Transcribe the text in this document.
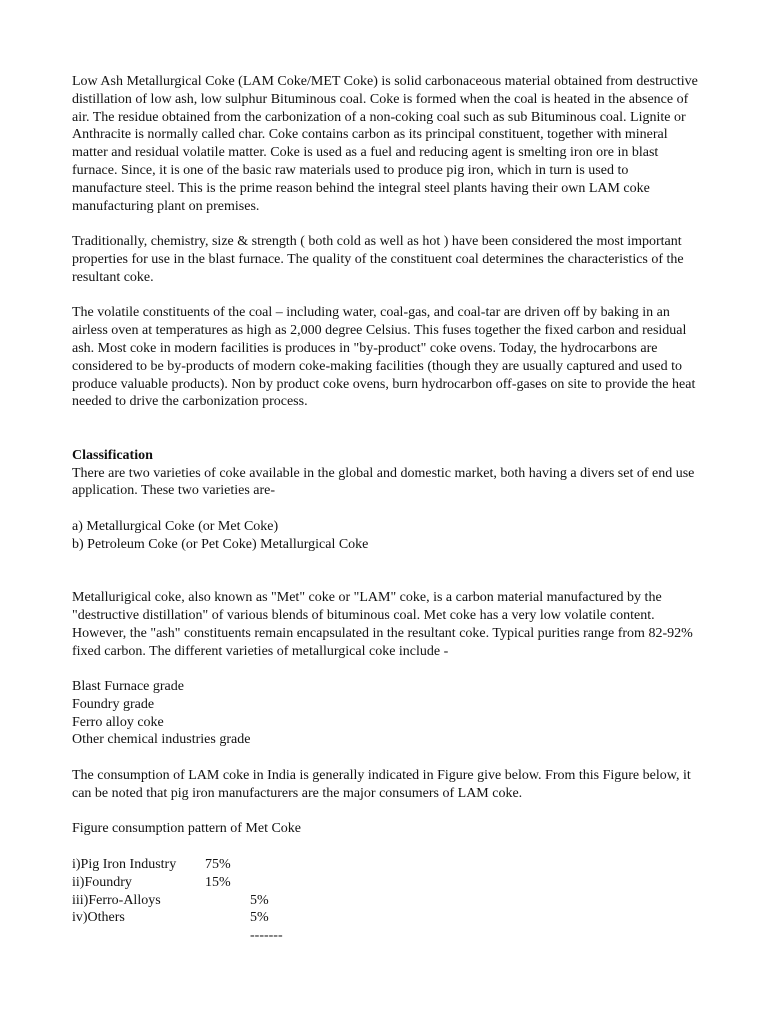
Low Ash Metallurgical Coke (LAM Coke/MET Coke) is solid carbonaceous material obtained from destructive distillation of low ash, low sulphur Bituminous coal. Coke is formed when the coal is heated in the absence of air. The residue obtained from the carbonization of a non-coking coal such as sub Bituminous coal. Lignite or Anthracite is normally called char. Coke contains carbon as its principal constituent, together with mineral matter and residual volatile matter. Coke is used as a fuel and reducing agent is smelting iron ore in blast furnace. Since, it is one of the basic raw materials used to produce pig iron, which in turn is used to manufacture steel. This is the prime reason behind the integral steel plants having their own LAM coke manufacturing plant on premises.

Traditionally, chemistry, size & strength ( both cold as well as hot ) have been considered the most important properties for use in the blast furnace. The quality of the constituent coal determines the characteristics of the resultant coke.

The volatile constituents of the coal – including water, coal-gas, and coal-tar are driven off by baking in an airless oven at temperatures as high as 2,000 degree Celsius. This fuses together the fixed carbon and residual ash. Most coke in modern facilities is produces in "by-product" coke ovens. Today, the hydrocarbons are considered to be by-products of modern coke-making facilities (though they are usually captured and used to produce valuable products). Non by product coke ovens, burn hydrocarbon off-gases on site to provide the heat needed to drive the carbonization process.

Classification

There are two varieties of coke available in the global and domestic market, both having a divers set of end use application. These two varieties are-

a) Metallurgical Coke (or Met Coke)

b) Petroleum Coke (or Pet Coke) Metallurgical Coke

Metallurigical coke, also known as "Met" coke or "LAM" coke, is a carbon material manufactured by the "destructive distillation" of various blends of bituminous coal. Met coke has a very low volatile content. However, the "ash" constituents remain encapsulated in the resultant coke. Typical purities range from 82-92% fixed carbon. The different varieties of metallurgical coke include -

Blast Furnace grade

Foundry grade

Ferro alloy coke

Other chemical industries grade

The consumption of LAM coke in India is generally indicated in Figure give below. From this Figure below, it can be noted that pig iron manufacturers are the major consumers of LAM coke.

Figure consumption pattern of Met Coke

i)Pig Iron Industry	75%
ii)Foundry	15%
iii)Ferro-Alloys	5%
iv)Others	5%
-------
